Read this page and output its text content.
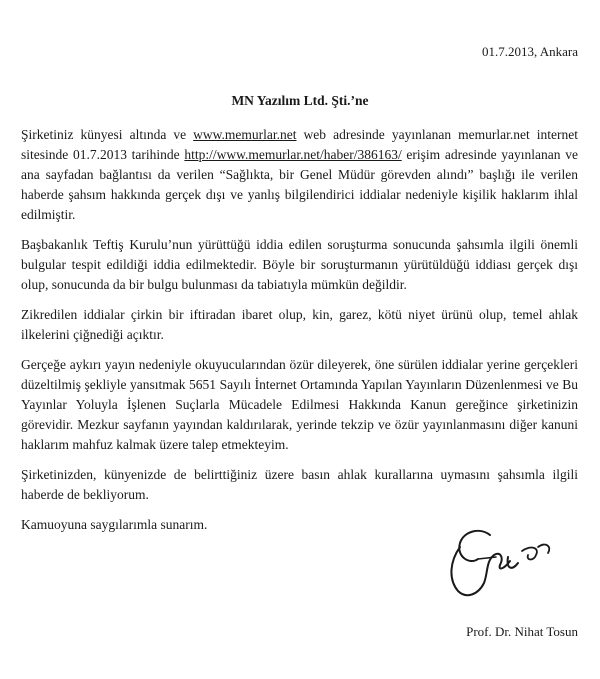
01.7.2013, Ankara
MN Yazılım Ltd. Şti.’ne

Şirketiniz künyesi altında ve www.memurlar.net web adresinde yayınlanan memurlar.net internet sitesinde 01.7.2013 tarihinde http://www.memurlar.net/haber/386163/ erişim adresinde yayınlanan ve ana sayfadan bağlantısı da verilen “Sağlıkta, bir Genel Müdür görevden alındı” başlığı ile verilen haberde şahsım hakkında gerçek dışı ve yanlış bilgilendirici iddialar nedeniyle kişilik haklarım ihlal edilmiştir.

Başbakanlık Teftiş Kurulu’nun yürüttüğü iddia edilen soruşturma sonucunda şahsımla ilgili önemli bulgular tespit edildiği iddia edilmektedir. Böyle bir soruşturmanın yürütüldüğü iddiası gerçek dışı olup, sonucunda da bir bulgu bulunması da tabiatıyla mümkün değildir.

Zikredilen iddialar çirkin bir iftiradan ibaret olup, kin, garez, kötü niyet ürünü olup, temel ahlak ilkelerini çiğnediği açıktır.

Gerçeğe aykırı yayın nedeniyle okuyucularından özür dileyerek, öne sürülen iddialar yerine gerçekleri düzeltilmiş şekliyle yansıtmak 5651 Sayılı İnternet Ortamında Yapılan Yayınların Düzenlenmesi ve Bu Yayınlar Yoluyla İşlenen Suçlarla Mücadele Edilmesi Hakkında Kanun gereğince şirketinizin görevidir. Mezkur sayfanın yayından kaldırılarak, yerinde tekzip ve özür yayınlanmasını diğer kanuni haklarım mahfuz kalmak üzere talep etmekteyim.

Şirketinizden, künyenizde de belirttiğiniz üzere basın ahlak kurallarına uymasını şahsımla ilgili haberde de bekliyorum.

Kamuoyuna saygılarımla sunarım.

Prof. Dr. Nihat Tosun
